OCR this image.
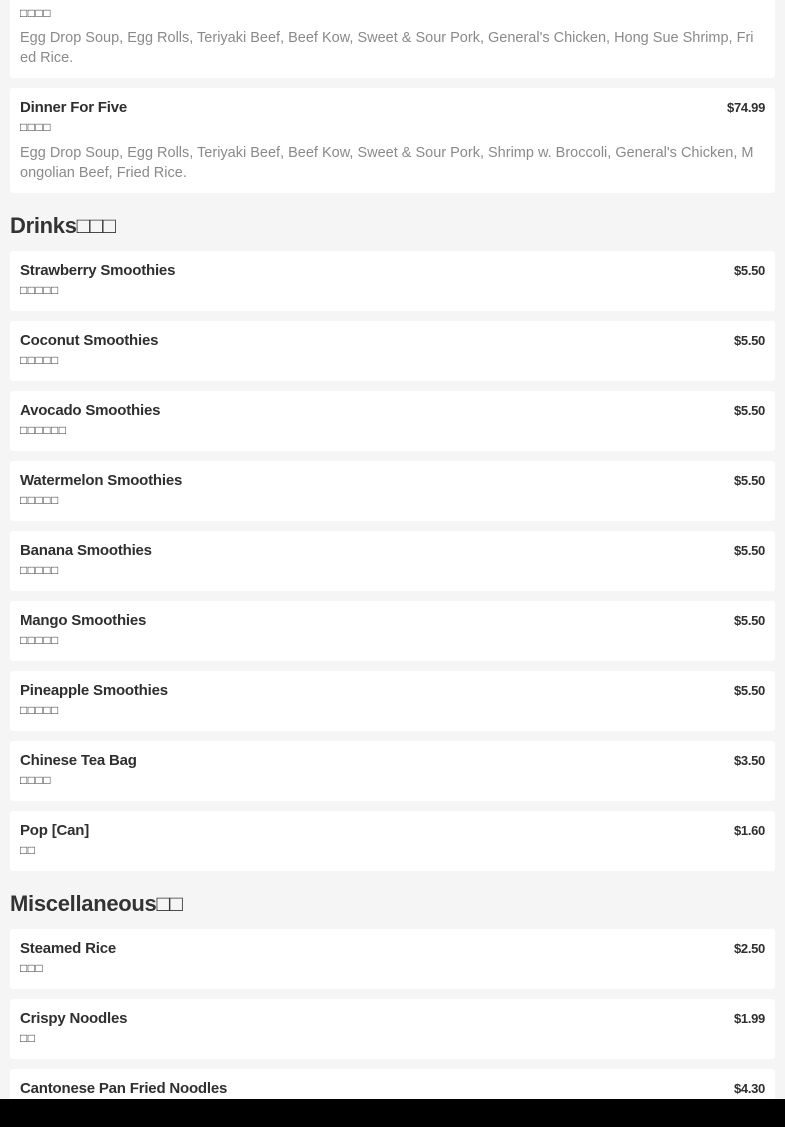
□□□□
Egg Drop Soup, Egg Rolls, Teriyaki Beef, Beef Kow, Sweet & Sour Pork, General's Chicken, Hong Sue Shrimp, Fried Rice.
Dinner For Five	$74.99
□□□□
Egg Drop Soup, Egg Rolls, Teriyaki Beef, Beef Kow, Sweet & Sour Pork, Shrimp w. Broccoli, General's Chicken, Mongolian Beef, Fried Rice.
Drinks□□□
Strawberry Smoothies	$5.50
□□□□□
Coconut Smoothies	$5.50
□□□□□
Avocado Smoothies	$5.50
□□□□□□
Watermelon Smoothies	$5.50
□□□□□
Banana Smoothies	$5.50
□□□□□
Mango Smoothies	$5.50
□□□□□
Pineapple Smoothies	$5.50
□□□□□
Chinese Tea Bag	$3.50
□□□□
Pop [Can]	$1.60
□□
Miscellaneous□□
Steamed Rice	$2.50
□□□
Crispy Noodles	$1.99
□□
Cantonese Pan Fried Noodles	$4.30
